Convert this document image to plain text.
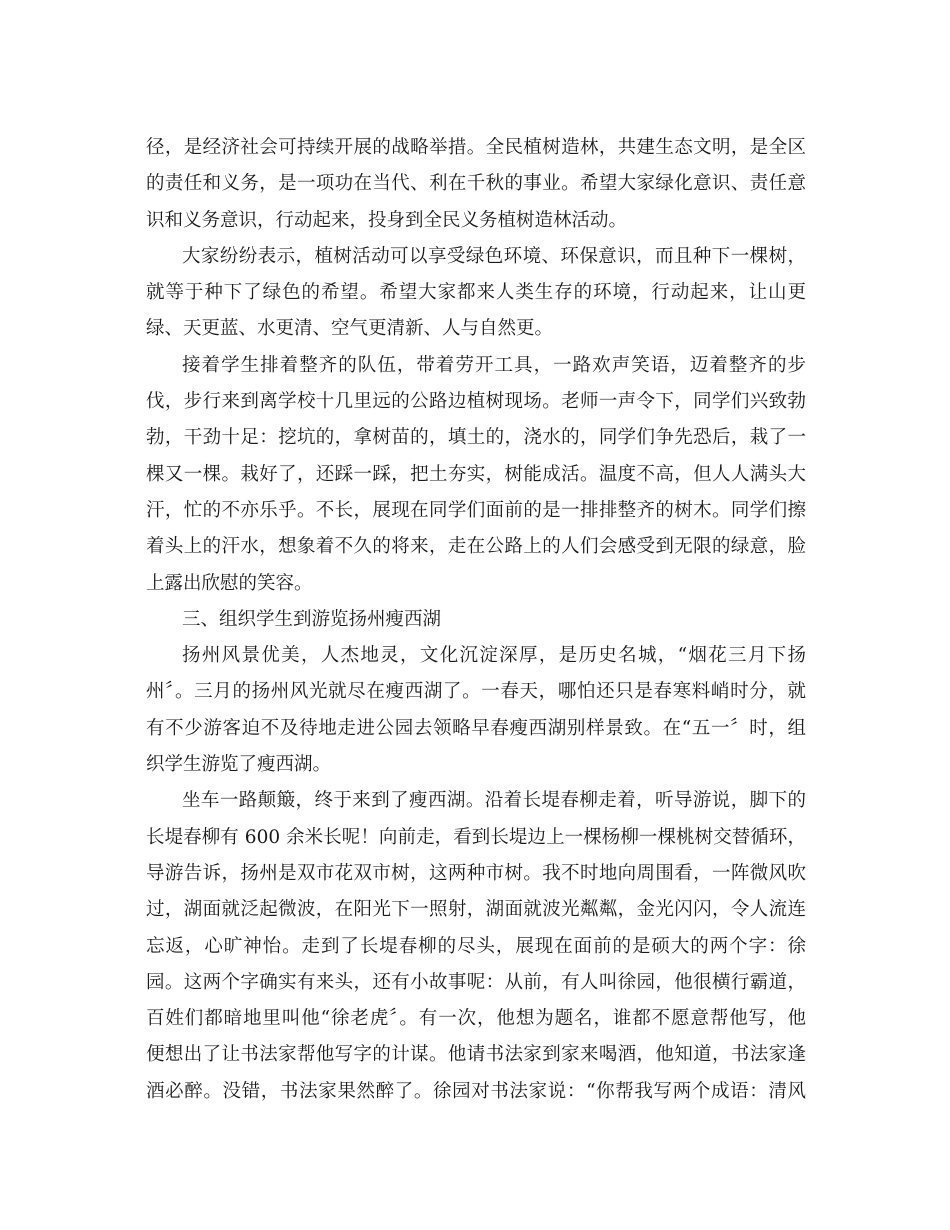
径，是经济社会可持续开展的战略举措。全民植树造林，共建生态文明，是全区
的责任和义务，是一项功在当代、利在千秋的事业。希望大家绿化意识、责任意
识和义务意识，行动起来，投身到全民义务植树造林活动。
大家纷纷表示，植树活动可以享受绿色环境、环保意识，而且种下一棵树，
就等于种下了绿色的希望。希望大家都来人类生存的环境，行动起来，让山更
绿、天更蓝、水更清、空气更清新、人与自然更。
接着学生排着整齐的队伍，带着劳开工具，一路欢声笑语，迈着整齐的步
伐，步行来到离学校十几里远的公路边植树现场。老师一声令下，同学们兴致勃
勃，干劲十足：挖坑的，拿树苗的，填土的，浇水的，同学们争先恐后，栽了一
棵又一棵。栽好了，还踩一踩，把土夯实，树能成活。温度不高，但人人满头大
汗，忙的不亦乐乎。不长，展现在同学们面前的是一排排整齐的树木。同学们擦
着头上的汗水，想象着不久的将来，走在公路上的人们会感受到无限的绿意，脸
上露出欣慰的笑容。
三、组织学生到游览扬州瘦西湖
扬州风景优美，人杰地灵，文化沉淀深厚，是历史名城，“烟花三月下扬
州〞。三月的扬州风光就尽在瘦西湖了。一春天，哪怕还只是春寒料峭时分，就
有不少游客迫不及待地走进公园去领略早春瘦西湖别样景致。在“五一〞时，组
织学生游览了瘦西湖。
坐车一路颠簸，终于来到了瘦西湖。沿着长堤春柳走着，听导游说，脚下的
长堤春柳有 600 余米长呢！向前走，看到长堤边上一棵杨柳一棵桃树交替循环，
导游告诉，扬州是双市花双市树，这两种市树。我不时地向周围看，一阵微风吹
过，湖面就泛起微波，在阳光下一照射，湖面就波光粼粼，金光闪闪，令人流连
忘返，心旷神怡。走到了长堤春柳的尽头，展现在面前的是硕大的两个字：徐
园。这两个字确实有来头，还有小故事呢：从前，有人叫徐园，他很横行霸道，
百姓们都暗地里叫他“徐老虎〞。有一次，他想为题名，谁都不愿意帮他写，他
便想出了让书法家帮他写字的计谋。他请书法家到家来喝酒，他知道，书法家逢
酒必醉。没错，书法家果然醉了。徐园对书法家说：“你帮我写两个成语：清风
